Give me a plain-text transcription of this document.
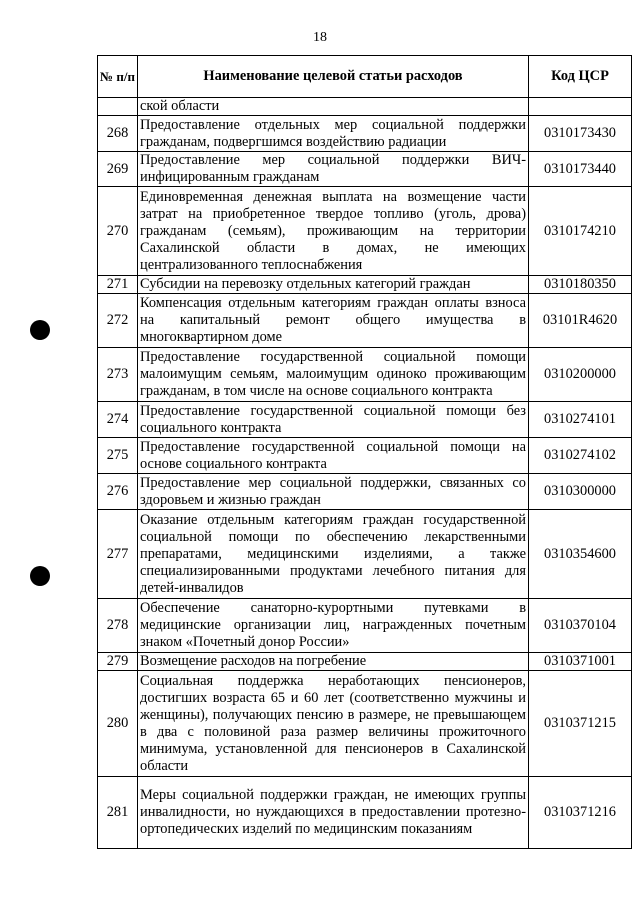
18
№ п/п	Наименование целевой статьи расходов	Код ЦСР
	ской области	
268	Предоставление отдельных мер социальной поддержки гражданам, подвергшимся воздействию радиации	0310173430
269	Предоставление мер социальной поддержки ВИЧ-инфицированным гражданам	0310173440
270	Единовременная денежная выплата на возмещение части затрат на приобретенное твердое топливо (уголь, дрова) гражданам (семьям), проживающим на территории Сахалинской области в домах, не имеющих централизованного теплоснабжения	0310174210
271	Субсидии на перевозку отдельных категорий граждан	0310180350
272	Компенсация отдельным категориям граждан оплаты взноса на капитальный ремонт общего имущества в многоквартирном доме	03101R4620
273	Предоставление государственной социальной помощи малоимущим семьям, малоимущим одиноко проживающим гражданам, в том числе на основе социального контракта	0310200000
274	Предоставление государственной социальной помощи без социального контракта	0310274101
275	Предоставление государственной социальной помощи на основе социального контракта	0310274102
276	Предоставление мер социальной поддержки, связанных со здоровьем и жизнью граждан	0310300000
277	Оказание отдельным категориям граждан государственной социальной помощи по обеспечению лекарственными препаратами, медицинскими изделиями, а также специализированными продуктами лечебного питания для детей-инвалидов	0310354600
278	Обеспечение санаторно-курортными путевками в медицинские организации лиц, награжденных почетным знаком «Почетный донор России»	0310370104
279	Возмещение расходов на погребение	0310371001
280	Социальная поддержка неработающих пенсионеров, достигших возраста 65 и 60 лет (соответственно мужчины и женщины), получающих пенсию в размере, не превышающем в два с половиной раза размер величины прожиточного минимума, установленной для пенсионеров в Сахалинской области	0310371215
281	Меры социальной поддержки граждан, не имеющих группы инвалидности, но нуждающихся в предоставлении протезно-ортопедических изделий по медицинским показаниям	0310371216
